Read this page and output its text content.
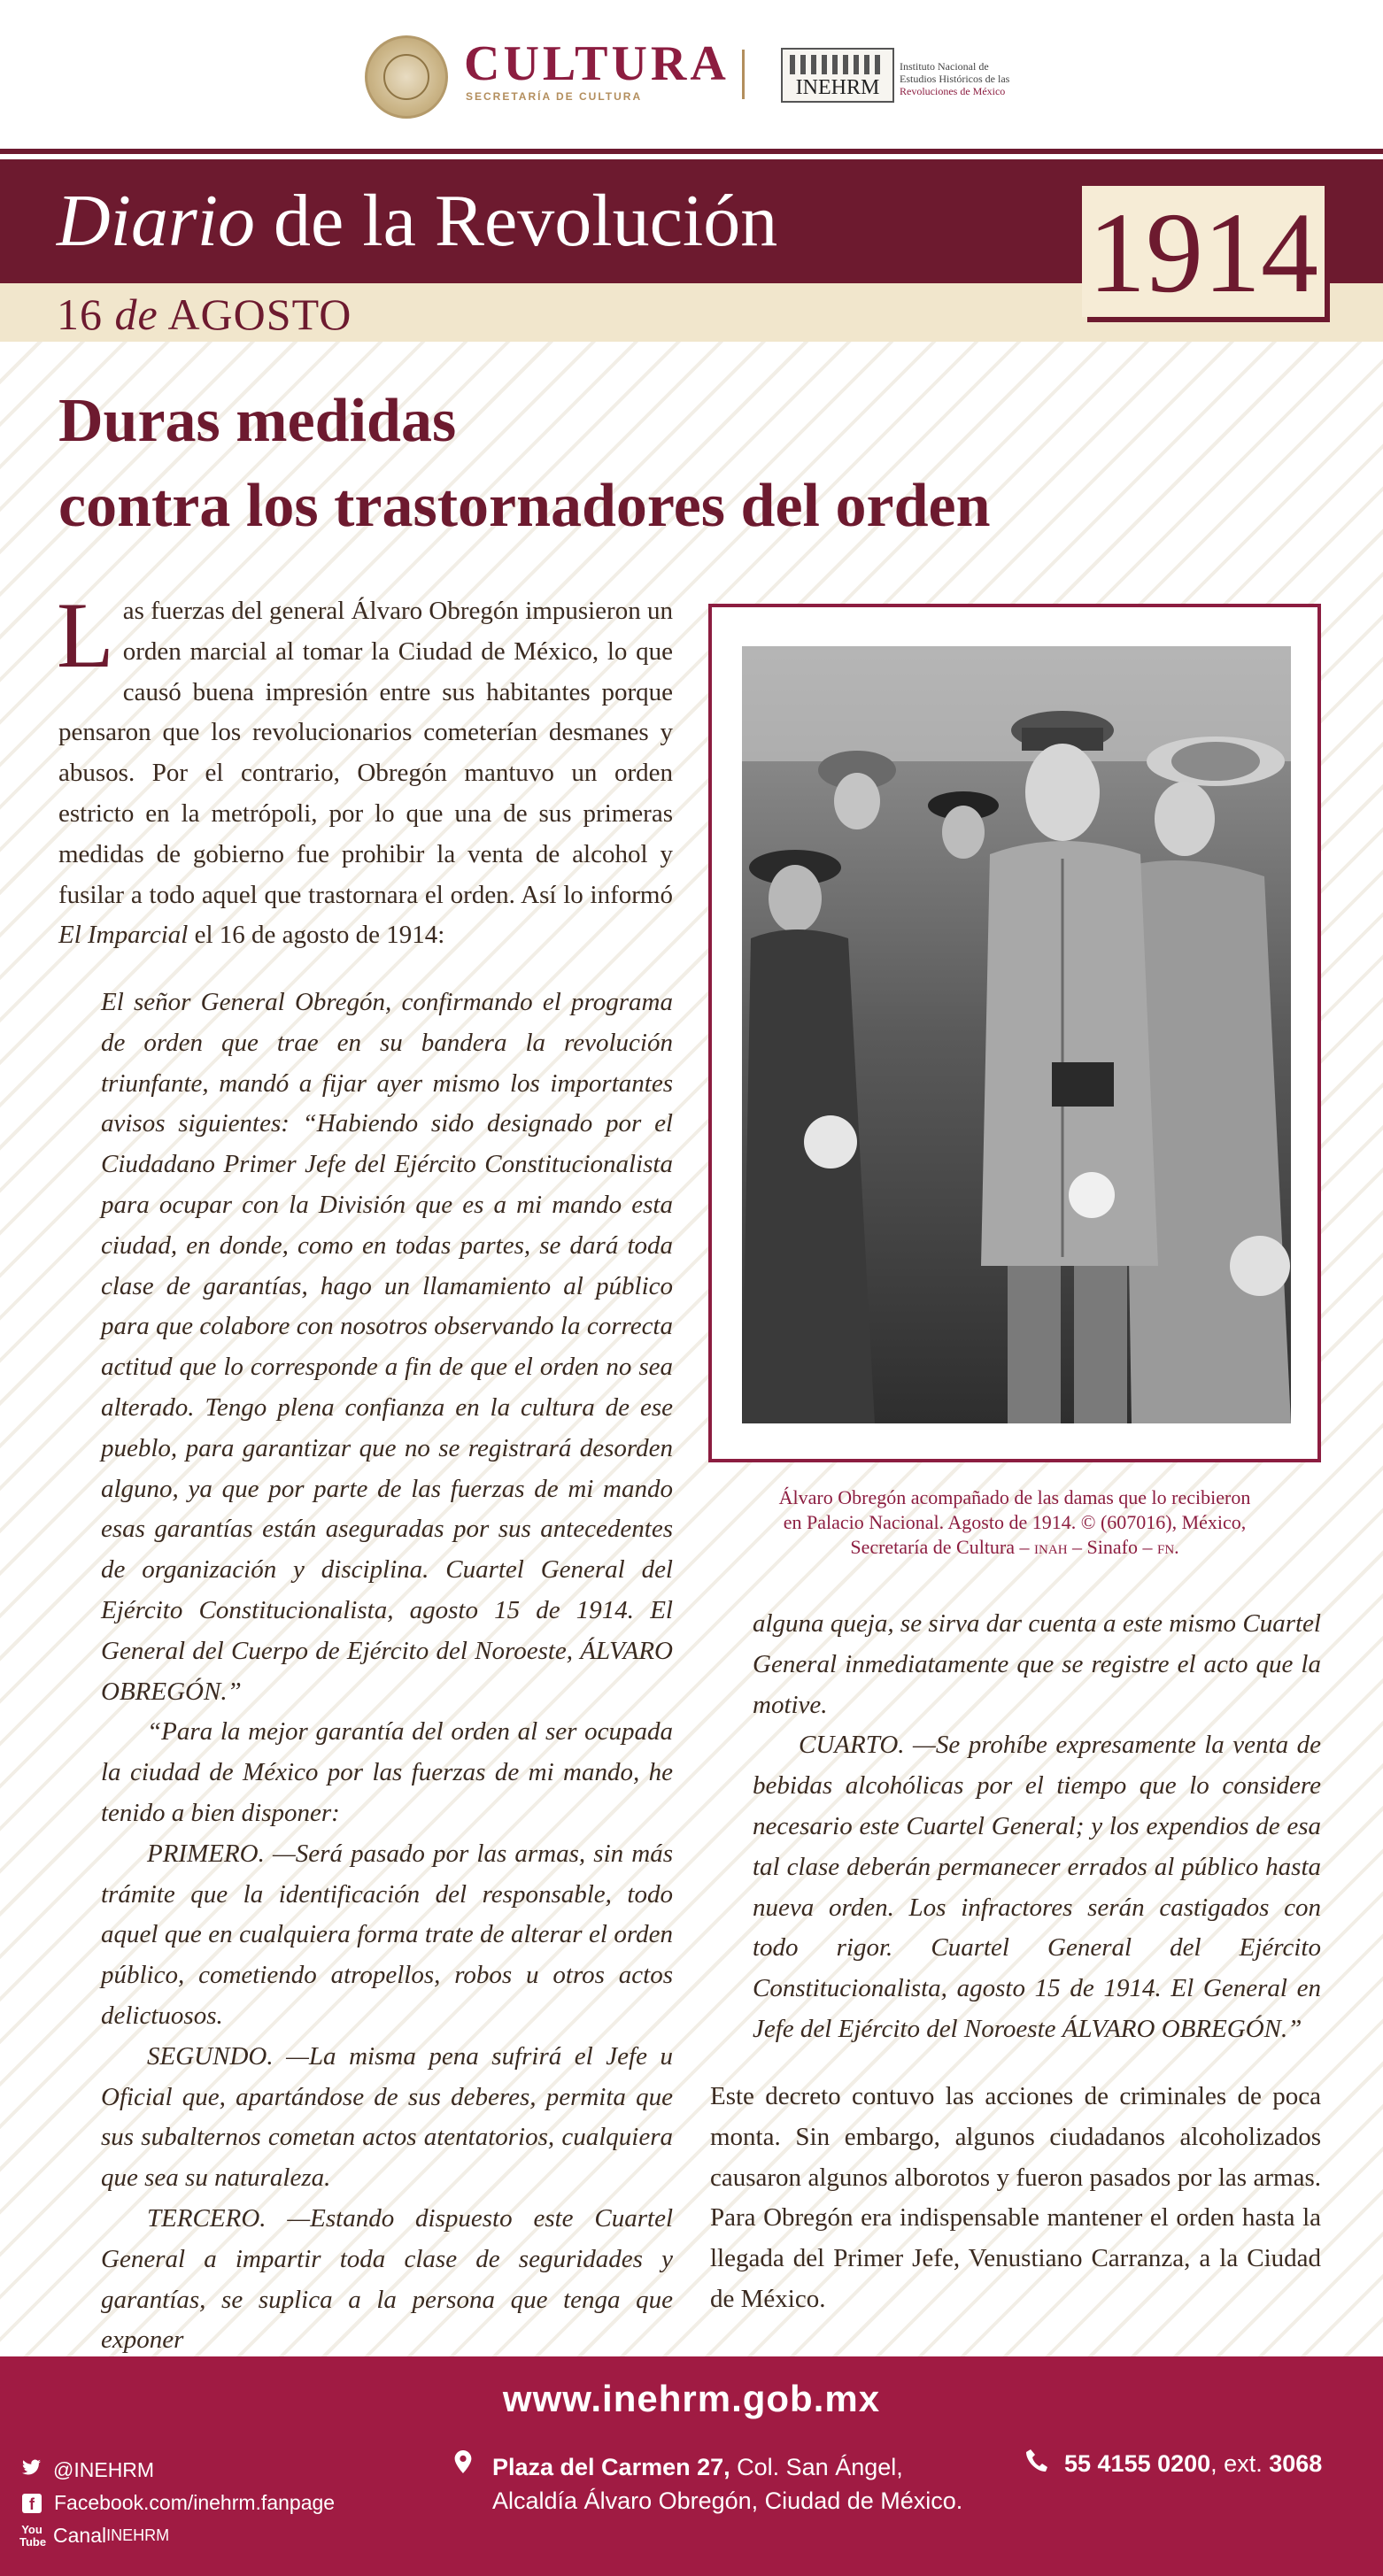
CULTURA
SECRETARÍA DE CULTURA	INEHRM
Instituto Nacional de
Estudios Históricos de las
Revoluciones de México
Diario de la Revolución
16 de AGOSTO	1914
Duras medidas
contra los trastornadores del orden

Las fuerzas del general Álvaro Obregón impusieron un orden marcial al tomar la Ciudad de México, lo que causó buena impresión entre sus habitantes porque pensaron que los revolucionarios cometerían desmanes y abusos. Por el contrario, Obregón mantuvo un orden estricto en la metrópoli, por lo que una de sus primeras medidas de gobierno fue prohibir la venta de alcohol y fusilar a todo aquel que trastornara el orden. Así lo informó El Imparcial el 16 de agosto de 1914:

El señor General Obregón, confirmando el programa de orden que trae en su bandera la revolución triunfante, mandó a fijar ayer mismo los importantes avisos siguientes: “Habiendo sido designado por el Ciudadano Primer Jefe del Ejército Constitucionalista para ocupar con la División que es a mi mando esta ciudad, en donde, como en todas partes, se dará toda clase de garantías, hago un llamamiento al público para que colabore con nosotros observando la correcta actitud que lo corresponde a fin de que el orden no sea alterado. Tengo plena confianza en la cultura de ese pueblo, para garantizar que no se registrará desorden alguno, ya que por parte de las fuerzas de mi mando esas garantías están aseguradas por sus antecedentes de organización y disciplina. Cuartel General del Ejército Constitucionalista, agosto 15 de 1914. El General del Cuerpo de Ejército del Noroeste, ÁLVARO OBREGÓN.”

“Para la mejor garantía del orden al ser ocupada la ciudad de México por las fuerzas de mi mando, he tenido a bien disponer:

PRIMERO. —Será pasado por las armas, sin más trámite que la identificación del responsable, todo aquel que en cualquiera forma trate de alterar el orden público, cometiendo atropellos, robos u otros actos delictuosos.

SEGUNDO. —La misma pena sufrirá el Jefe u Oficial que, apartándose de sus deberes, permita que sus subalternos cometan actos atentatorios, cualquiera que sea su naturaleza.

TERCERO. —Estando dispuesto este Cuartel General a impartir toda clase de seguridades y garantías, se suplica a la persona que tenga que exponer

Álvaro Obregón acompañado de las damas que lo recibieron
en Palacio Nacional. Agosto de 1914. © (607016), México,
Secretaría de Cultura – inah – Sinafo – fn.

alguna queja, se sirva dar cuenta a este mismo Cuartel General inmediatamente que se registre el acto que la motive.

CUARTO. —Se prohíbe expresamente la venta de bebidas alcohólicas por el tiempo que lo considere necesario este Cuartel General; y los expendios de esa tal clase deberán permanecer errados al público hasta nueva orden. Los infractores serán castigados con todo rigor. Cuartel General del Ejército Constitucionalista, agosto 15 de 1914. El General en Jefe del Ejército del Noroeste ÁLVARO OBREGÓN.”

Este decreto contuvo las acciones de criminales de poca monta. Sin embargo, algunos ciudadanos alcoholizados causaron algunos alborotos y fueron pasados por las armas. Para Obregón era indispensable mantener el orden hasta la llegada del Primer Jefe, Venustiano Carranza, a la Ciudad de México.

www.inehrm.gob.mx
@INEHRM
f Facebook.com/inehrm.fanpage
You Tube Canal INEHRM
Plaza del Carmen 27, Col. San Ángel,
Alcaldía Álvaro Obregón, Ciudad de México.
55 4155 0200, ext. 3068
